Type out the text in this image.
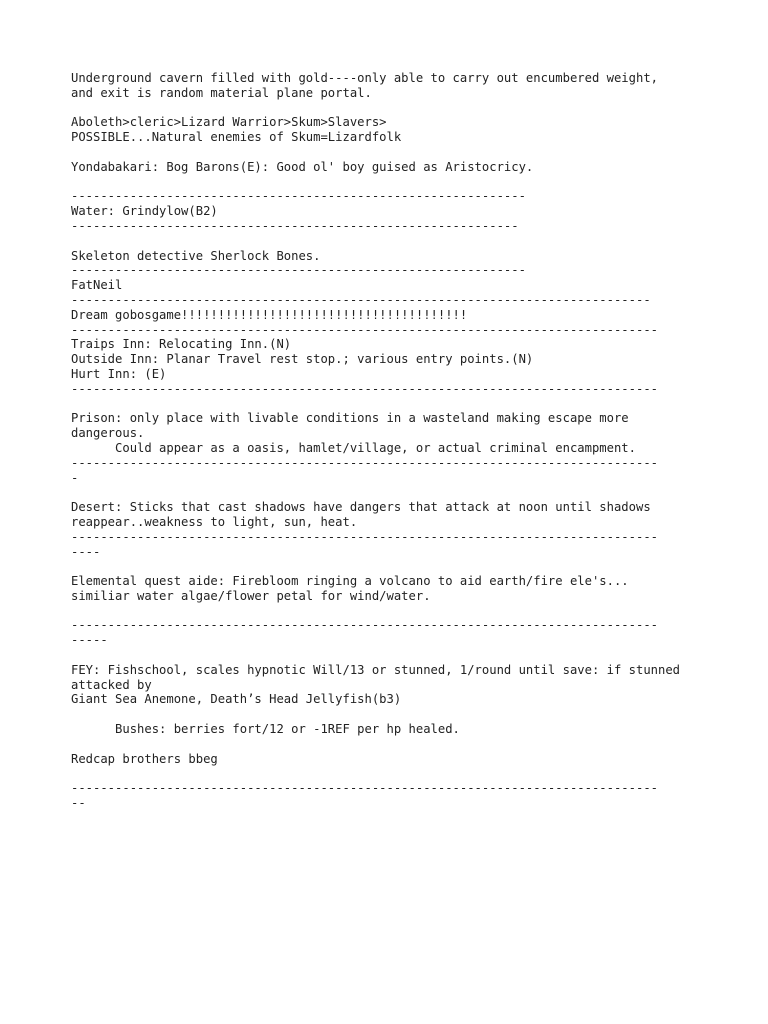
Underground cavern filled with gold----only able to carry out encumbered weight,
and exit is random material plane portal.
Aboleth>cleric>Lizard Warrior>Skum>Slavers>
POSSIBLE...Natural enemies of Skum=Lizardfolk
Yondabakari: Bog Barons(E): Good ol' boy guised as Aristocricy.
--------------------------------------------------------------
Water: Grindylow(B2)
-------------------------------------------------------------
Skeleton detective Sherlock Bones.
--------------------------------------------------------------
FatNeil
-------------------------------------------------------------------------------
Dream gobosgame!!!!!!!!!!!!!!!!!!!!!!!!!!!!!!!!!!!!!!!
--------------------------------------------------------------------------------
Traips Inn: Relocating Inn.(N)
Outside Inn: Planar Travel rest stop.; various entry points.(N)
Hurt Inn: (E)
--------------------------------------------------------------------------------
Prison: only place with livable conditions in a wasteland making escape more
dangerous.
Could appear as a oasis, hamlet/village, or actual criminal encampment.
--------------------------------------------------------------------------------
-
Desert: Sticks that cast shadows have dangers that attack at noon until shadows
reappear..weakness to light, sun, heat.
--------------------------------------------------------------------------------
----
Elemental quest aide: Firebloom ringing a volcano to aid earth/fire ele's...
similiar water algae/flower petal for wind/water.
--------------------------------------------------------------------------------
-----
FEY: Fishschool, scales hypnotic Will/13 or stunned, 1/round until save: if stunned
attacked by
Giant Sea Anemone, Death’s Head Jellyfish(b3)
Bushes: berries fort/12 or -1REF per hp healed.
Redcap brothers bbeg
--------------------------------------------------------------------------------
--
